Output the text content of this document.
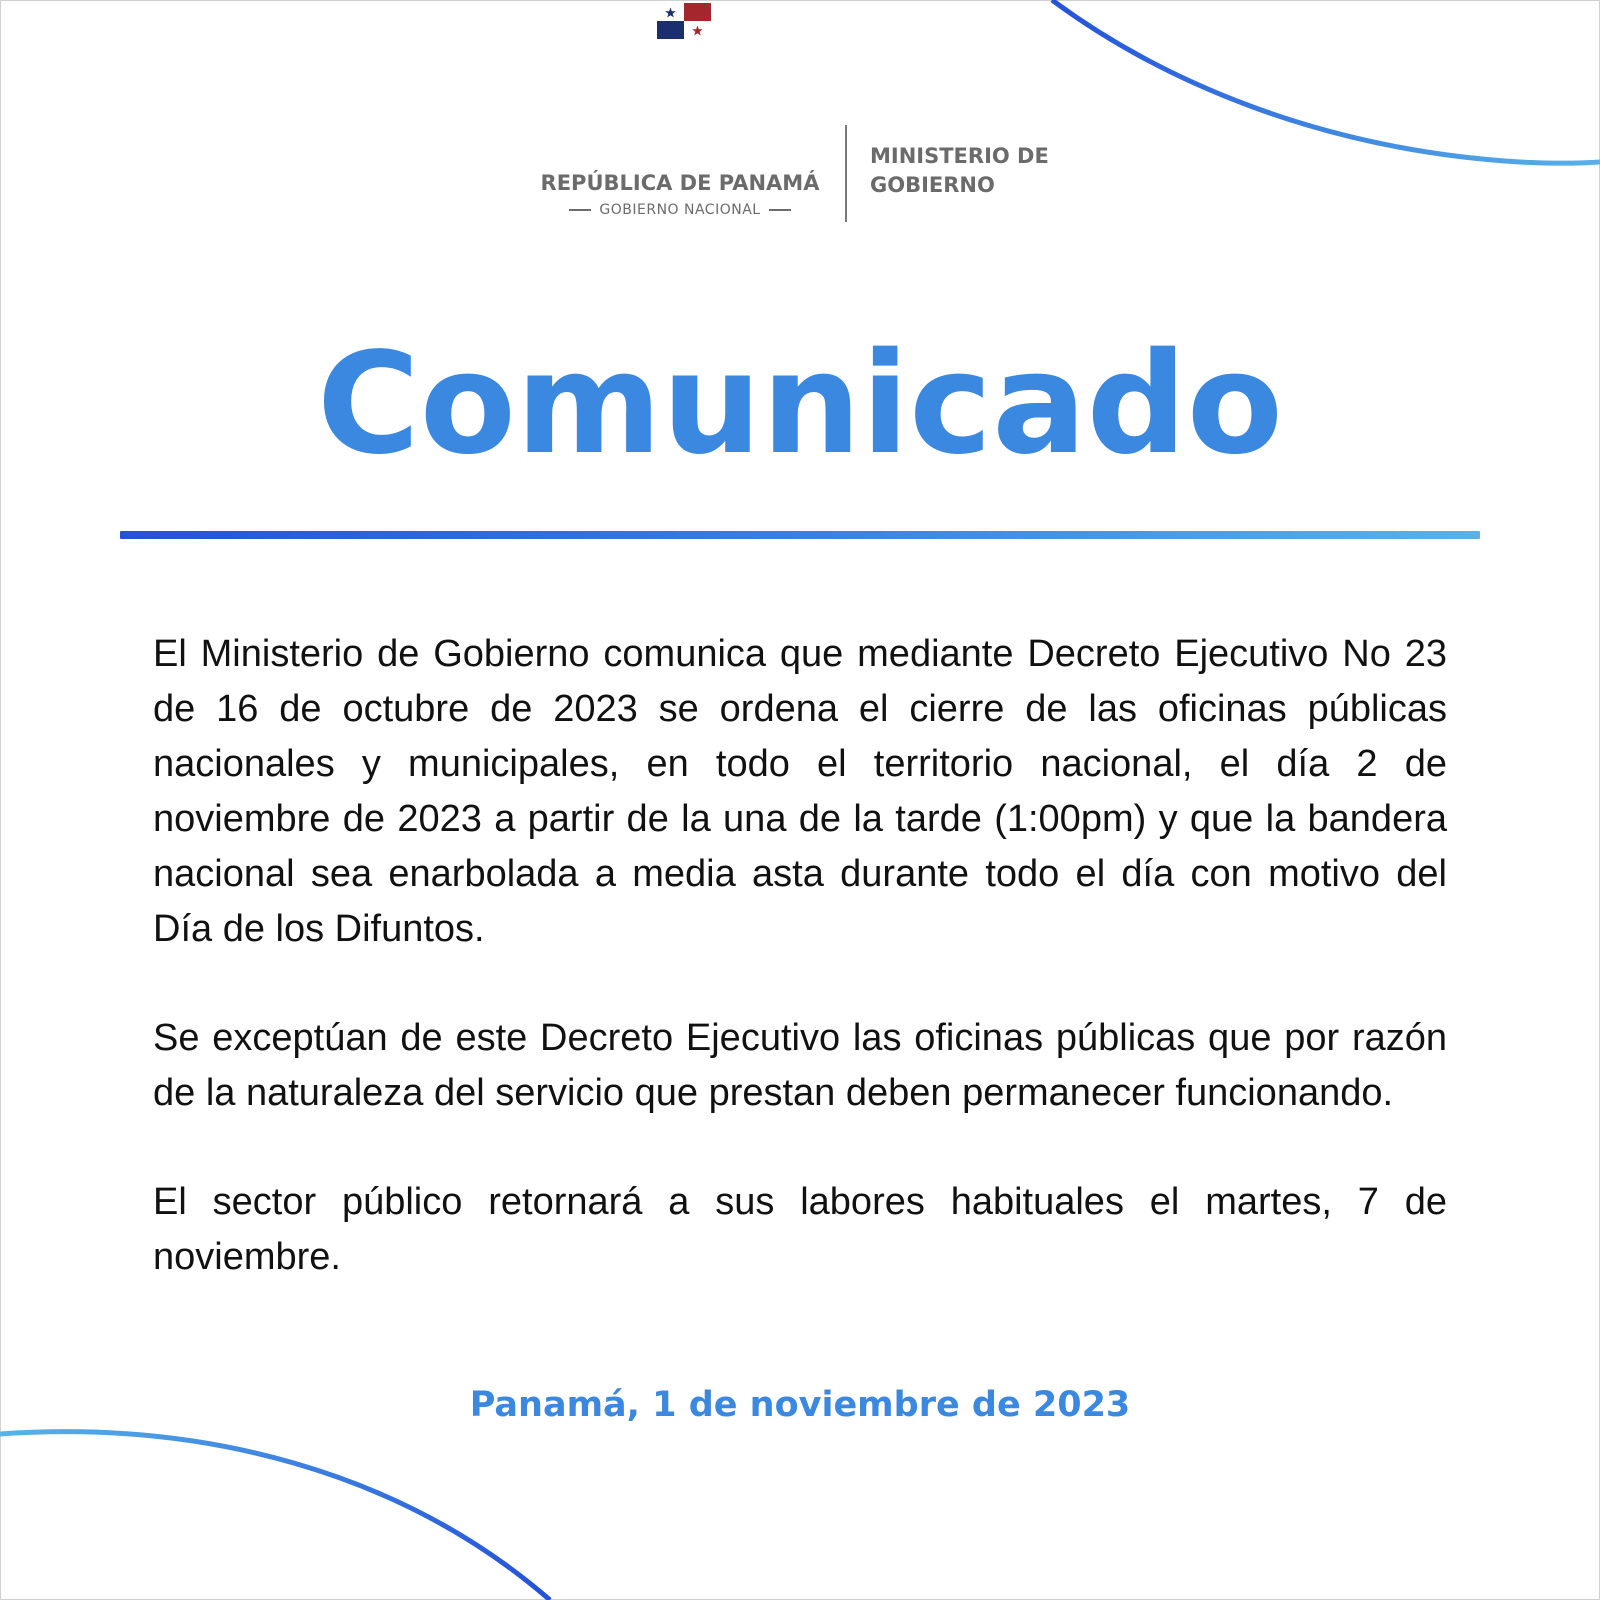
REPÚBLICA DE PANAMÁ
GOBIERNO NACIONAL
MINISTERIO DE
GOBIERNO
Comunicado

El Ministerio de Gobierno comunica que mediante Decreto Ejecutivo No 23 de 16 de octubre de 2023 se ordena el cierre de las oficinas públicas nacionales y municipales, en todo el territorio nacional, el día 2 de noviembre de 2023 a partir de la una de la tarde (1:00pm) y que la bandera nacional sea enarbolada a media asta durante todo el día con motivo del Día de los Difuntos.

Se exceptúan de este Decreto Ejecutivo las oficinas públicas que por razón de la naturaleza del servicio que prestan deben permanecer funcionando.

El sector público retornará a sus labores habituales el martes, 7 de noviembre.

Panamá, 1 de noviembre de 2023
